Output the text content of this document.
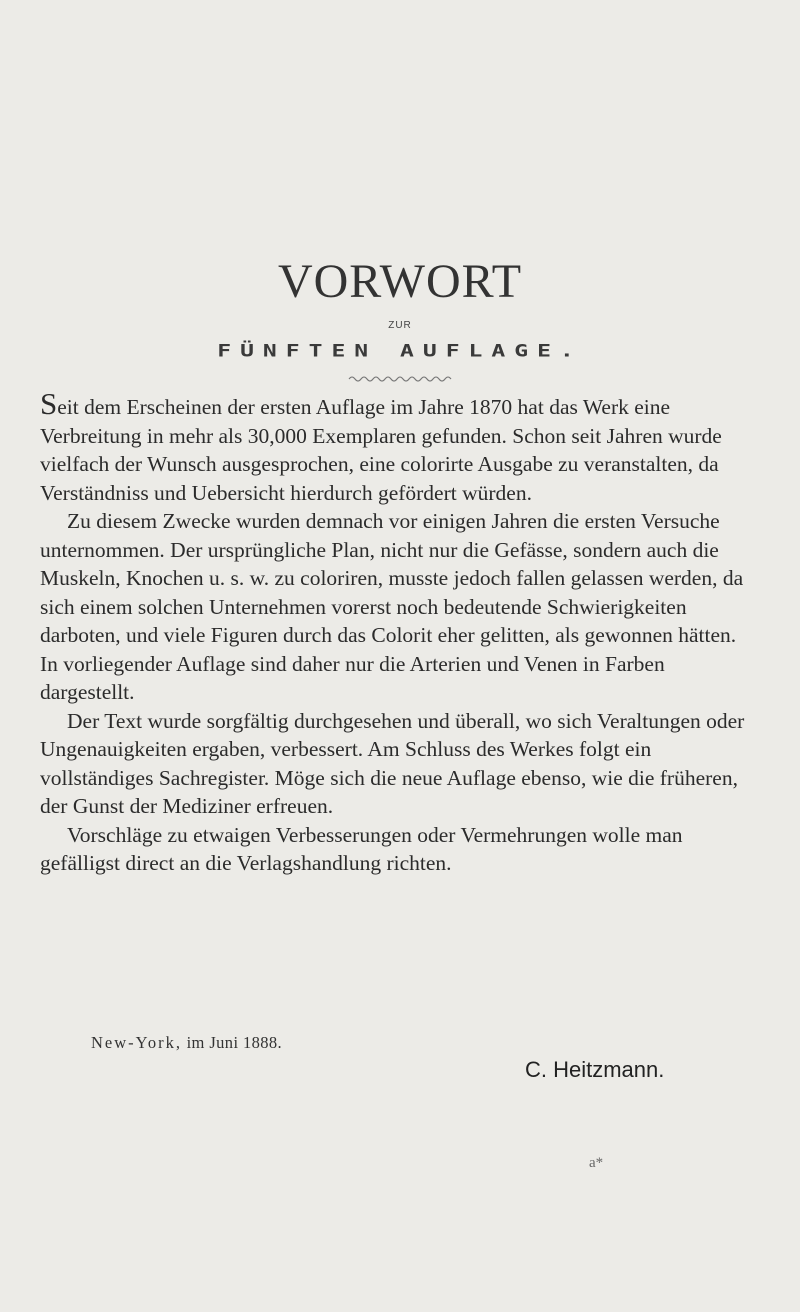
VORWORT
ZUR
FÜNFTEN AUFLAGE.

Seit dem Erscheinen der ersten Auflage im Jahre 1870 hat das Werk eine Verbreitung in mehr als 30,000 Exemplaren gefunden. Schon seit Jahren wurde vielfach der Wunsch ausgesprochen, eine colorirte Ausgabe zu veranstalten, da Verständniss und Uebersicht hierdurch gefördert würden.

Zu diesem Zwecke wurden demnach vor einigen Jahren die ersten Versuche unternommen. Der ursprüngliche Plan, nicht nur die Gefässe, sondern auch die Muskeln, Knochen u. s. w. zu coloriren, musste jedoch fallen gelassen werden, da sich einem solchen Unternehmen vorerst noch bedeutende Schwierigkeiten darboten, und viele Figuren durch das Colorit eher gelitten, als gewonnen hätten. In vorliegender Auflage sind daher nur die Arterien und Venen in Farben dargestellt.

Der Text wurde sorgfältig durchgesehen und überall, wo sich Veraltungen oder Ungenauigkeiten ergaben, verbessert. Am Schluss des Werkes folgt ein vollständiges Sachregister. Möge sich die neue Auflage ebenso, wie die früheren, der Gunst der Mediziner erfreuen.

Vorschläge zu etwaigen Verbesserungen oder Vermehrungen wolle man gefälligst direct an die Verlagshandlung richten.

New-York, im Juni 1888.
C. Heitzmann.
a*
